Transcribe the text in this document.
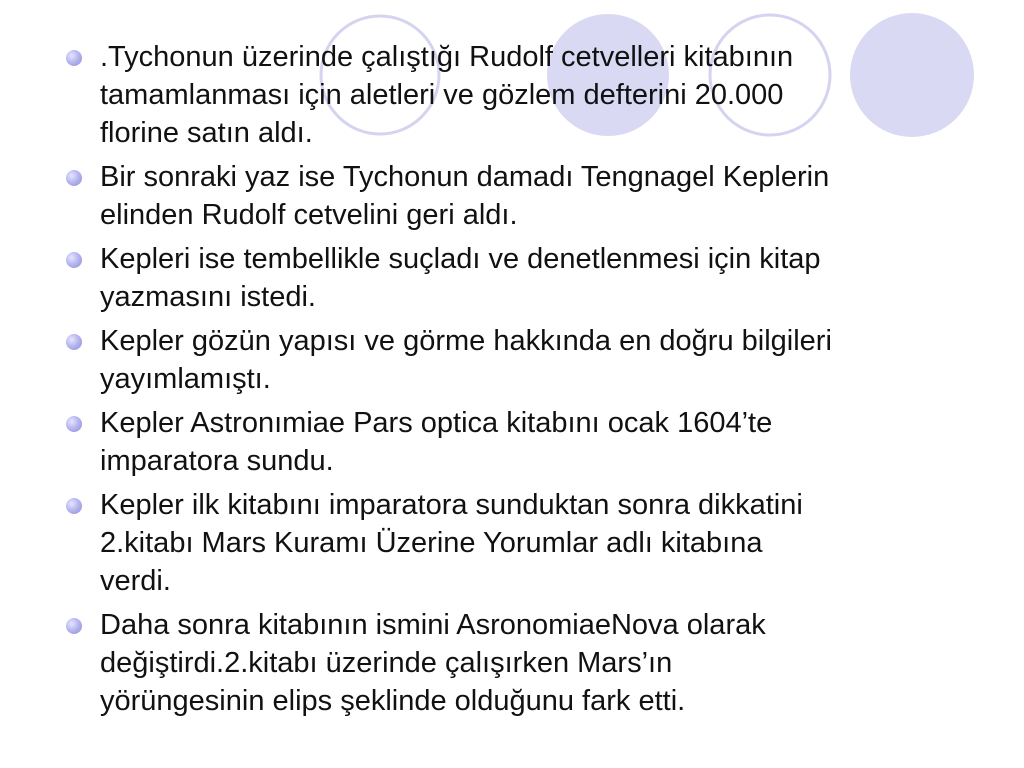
.Tychonun üzerinde çalıştığı Rudolf cetvelleri kitabının
tamamlanması için aletleri ve gözlem defterini 20.000
florine satın aldı.
Bir sonraki yaz ise Tychonun damadı Tengnagel Keplerin
elinden Rudolf cetvelini geri aldı.
Kepleri ise tembellikle suçladı ve denetlenmesi için kitap
yazmasını istedi.
Kepler gözün yapısı ve görme hakkında en doğru bilgileri
yayımlamıştı.
Kepler Astronımiae Pars optica kitabını ocak 1604’te
imparatora sundu.
Kepler ilk kitabını imparatora sunduktan sonra dikkatini
2.kitabı Mars Kuramı Üzerine Yorumlar adlı kitabına
verdi.
Daha sonra kitabının ismini AsronomiaeNova olarak
değiştirdi.2.kitabı üzerinde çalışırken Mars’ın
yörüngesinin elips şeklinde olduğunu fark etti.
